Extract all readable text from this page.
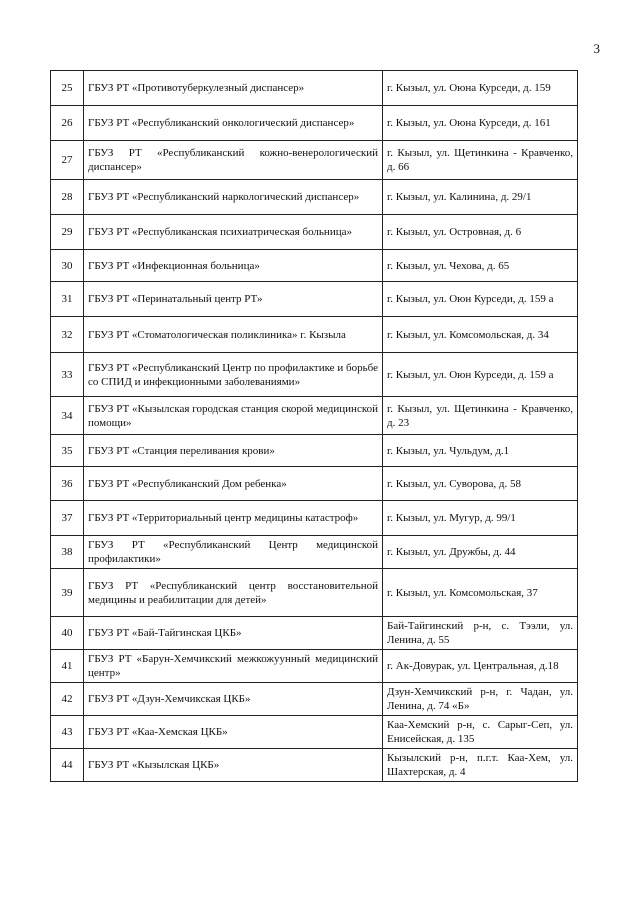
3
25	ГБУЗ РТ «Противотуберкулезный диспансер»	г. Кызыл, ул. Оюна Курседи, д. 159
26	ГБУЗ РТ «Республиканский онкологический диспансер»	г. Кызыл, ул. Оюна Курседи, д. 161
27	ГБУЗ РТ «Республиканский кожно-венерологический диспансер»	г. Кызыл, ул. Щетинкина - Кравченко, д. 66
28	ГБУЗ РТ «Республиканский наркологический диспансер»	г. Кызыл, ул. Калинина, д. 29/1
29	ГБУЗ РТ «Республиканская психиатрическая больница»	г. Кызыл, ул. Островная, д. 6
30	ГБУЗ РТ «Инфекционная больница»	г. Кызыл, ул. Чехова, д. 65
31	ГБУЗ РТ «Перинатальный центр РТ»	г. Кызыл, ул. Оюн Курседи, д. 159 а
32	ГБУЗ РТ «Стоматологическая поликлиника» г. Кызыла	г. Кызыл, ул. Комсомольская, д. 34
33	ГБУЗ РТ «Республиканский Центр по профилактике и борьбе со СПИД и инфекционными заболеваниями»	г. Кызыл, ул. Оюн Курседи, д. 159 а
34	ГБУЗ РТ «Кызылская городская станция скорой медицинской помощи»	г. Кызыл, ул. Щетинкина - Кравченко, д. 23
35	ГБУЗ РТ «Станция переливания крови»	г. Кызыл, ул. Чульдум, д.1
36	ГБУЗ РТ «Республиканский Дом ребенка»	г. Кызыл, ул. Суворова, д. 58
37	ГБУЗ РТ «Территориальный центр медицины катастроф»	г. Кызыл, ул. Мугур, д. 99/1
38	ГБУЗ РТ «Республиканский Центр медицинской профилактики»	г. Кызыл, ул. Дружбы, д. 44
39	ГБУЗ РТ «Республиканский центр восстановительной медицины и реабилитации для детей»	г. Кызыл, ул. Комсомольская, 37
40	ГБУЗ РТ «Бай-Тайгинская ЦКБ»	Бай-Тайгинский р-н, с. Тээли, ул. Ленина, д. 55
41	ГБУЗ РТ «Барун-Хемчикский межкожуунный медицинский центр»	г. Ак-Довурак, ул. Центральная, д.18
42	ГБУЗ РТ «Дзун-Хемчикская ЦКБ»	Дзун-Хемчикский р-н, г. Чадан, ул. Ленина, д. 74 «Б»
43	ГБУЗ РТ «Каа-Хемская ЦКБ»	Каа-Хемский р-н, с. Сарыг-Сеп, ул. Енисейская, д. 135
44	ГБУЗ РТ «Кызылская ЦКБ»	Кызылский р-н, п.г.т. Каа-Хем, ул. Шахтерская, д. 4
